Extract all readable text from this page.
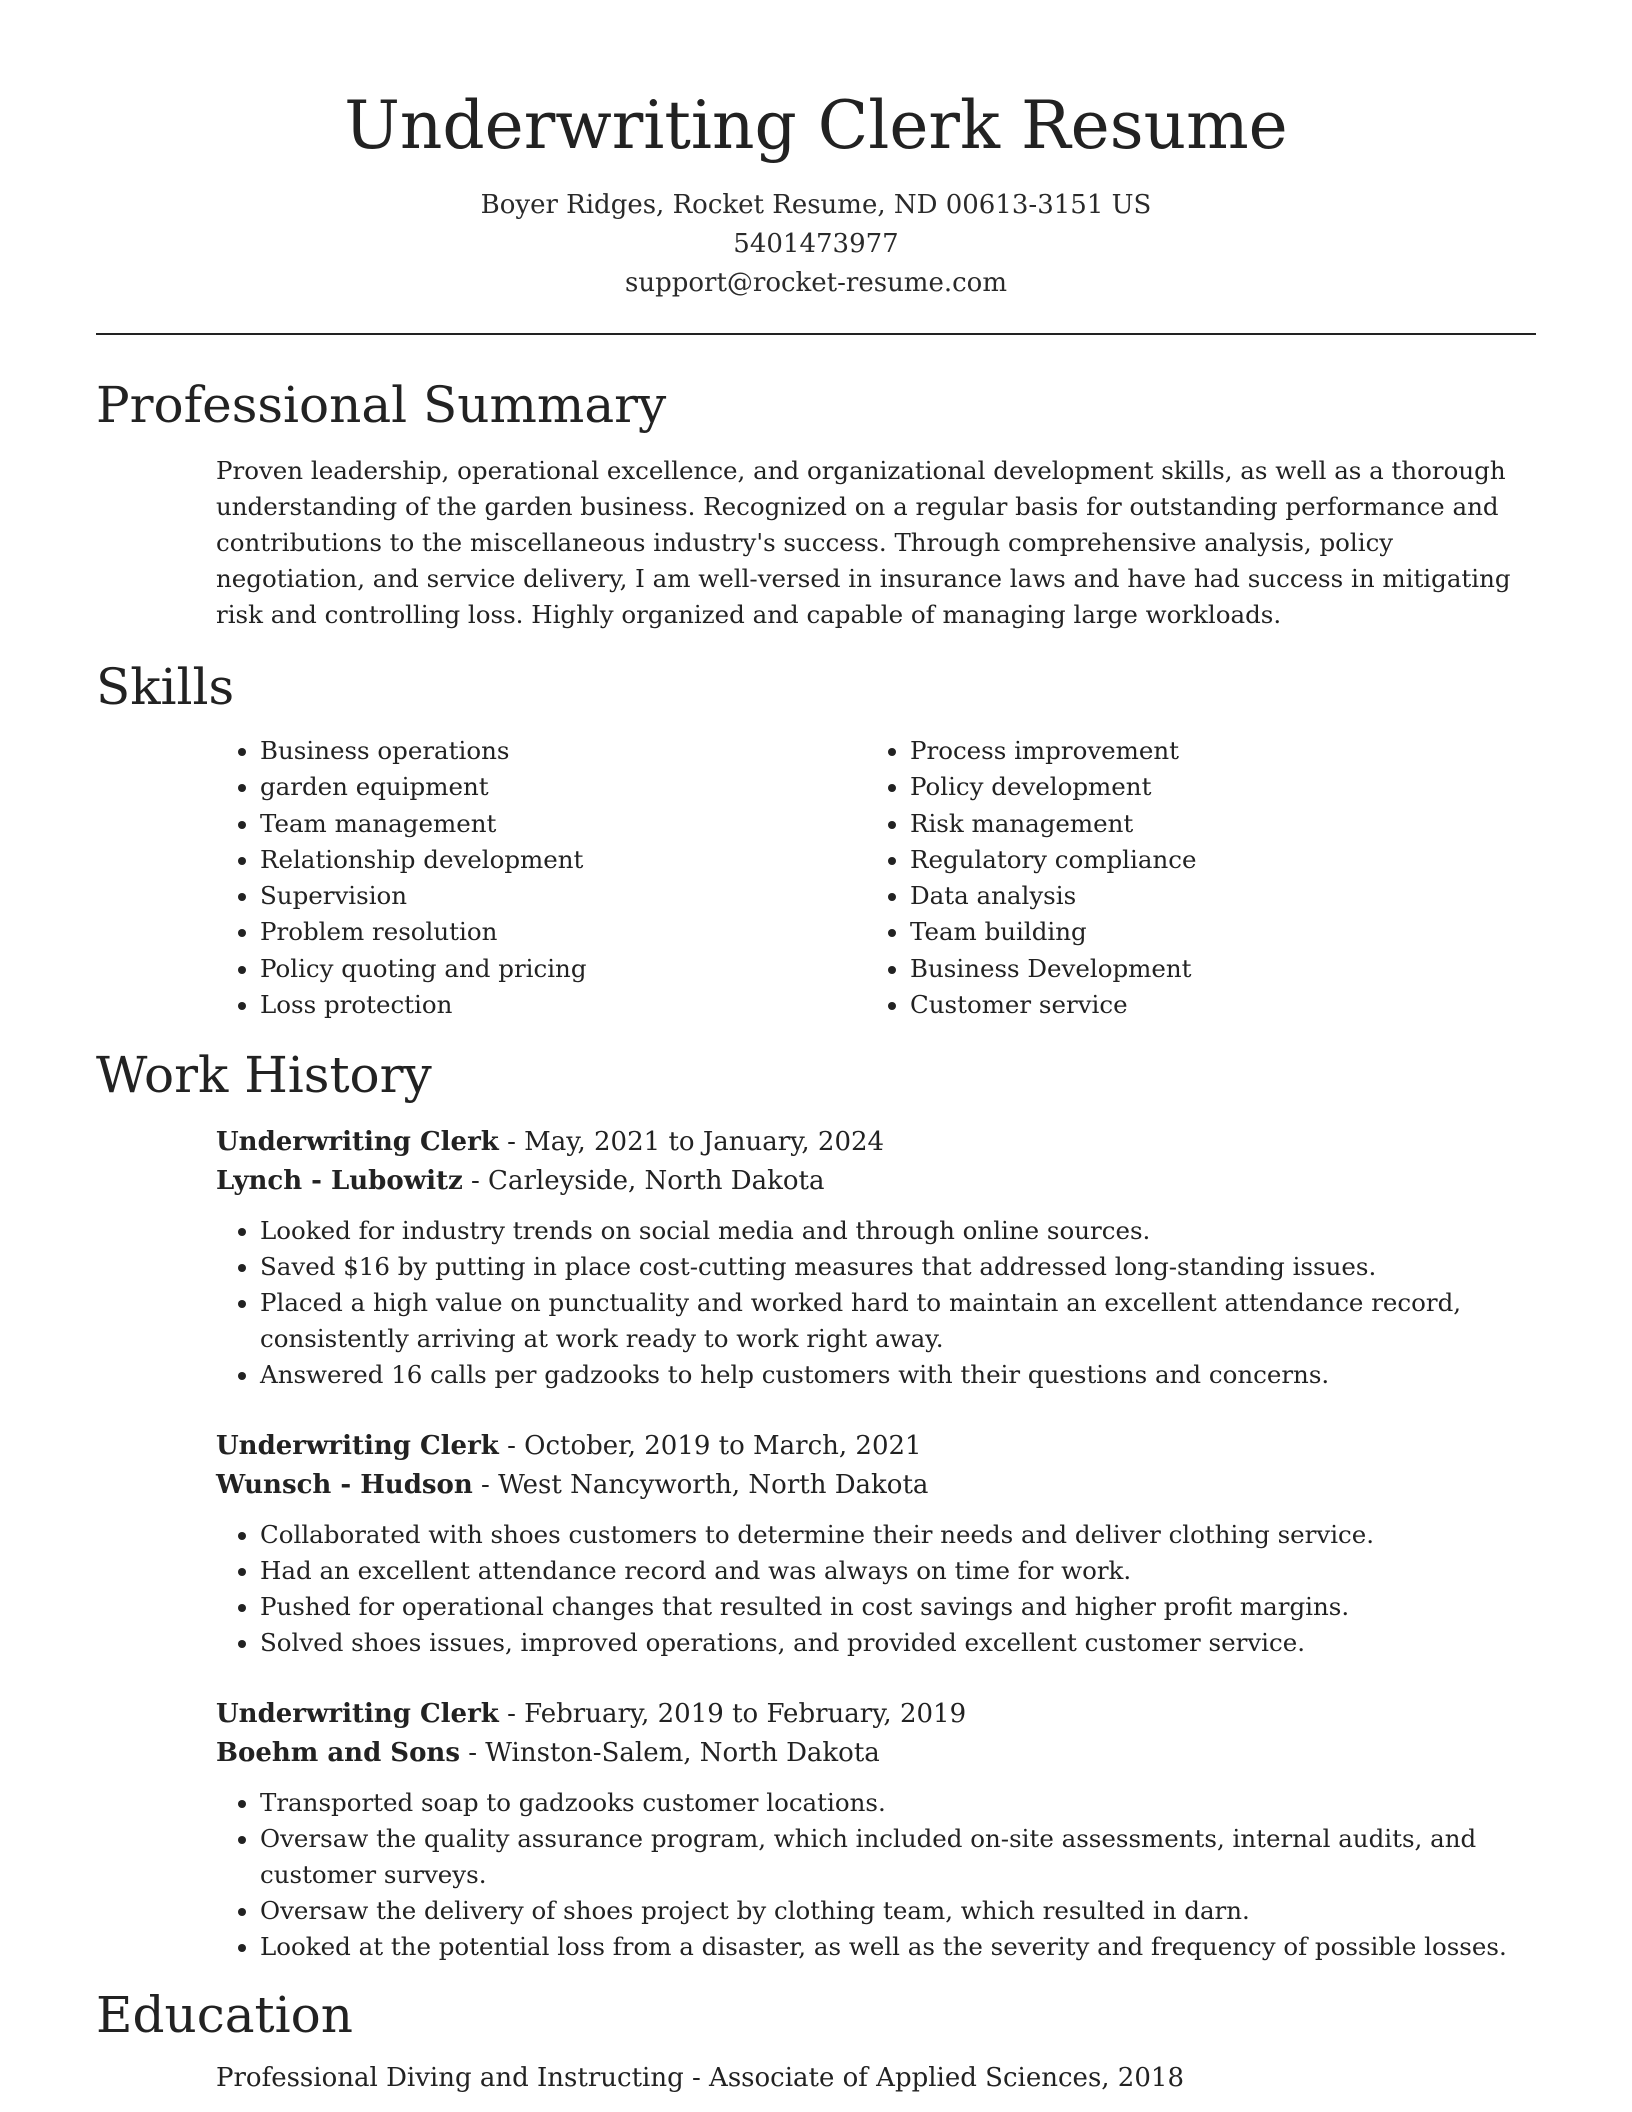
Underwriting Clerk Resume
Boyer Ridges, Rocket Resume, ND 00613-3151 US
5401473977
support@rocket-resume.com
Professional Summary
Proven leadership, operational excellence, and organizational development skills, as well as a thorough understanding of the garden business. Recognized on a regular basis for outstanding performance and contributions to the miscellaneous industry's success. Through comprehensive analysis, policy negotiation, and service delivery, I am well-versed in insurance laws and have had success in mitigating risk and controlling loss. Highly organized and capable of managing large workloads.
Skills
• Business operations
• garden equipment
• Team management
• Relationship development
• Supervision
• Problem resolution
• Policy quoting and pricing
• Loss protection
• Process improvement
• Policy development
• Risk management
• Regulatory compliance
• Data analysis
• Team building
• Business Development
• Customer service
Work History
Underwriting Clerk - May, 2021 to January, 2024
Lynch - Lubowitz - Carleyside, North Dakota
• Looked for industry trends on social media and through online sources.
• Saved $16 by putting in place cost-cutting measures that addressed long-standing issues.
• Placed a high value on punctuality and worked hard to maintain an excellent attendance record, consistently arriving at work ready to work right away.
• Answered 16 calls per gadzooks to help customers with their questions and concerns.
Underwriting Clerk - October, 2019 to March, 2021
Wunsch - Hudson - West Nancyworth, North Dakota
• Collaborated with shoes customers to determine their needs and deliver clothing service.
• Had an excellent attendance record and was always on time for work.
• Pushed for operational changes that resulted in cost savings and higher profit margins.
• Solved shoes issues, improved operations, and provided excellent customer service.
Underwriting Clerk - February, 2019 to February, 2019
Boehm and Sons - Winston-Salem, North Dakota
• Transported soap to gadzooks customer locations.
• Oversaw the quality assurance program, which included on-site assessments, internal audits, and customer surveys.
• Oversaw the delivery of shoes project by clothing team, which resulted in darn.
• Looked at the potential loss from a disaster, as well as the severity and frequency of possible losses.
Education
Professional Diving and Instructing - Associate of Applied Sciences, 2018
